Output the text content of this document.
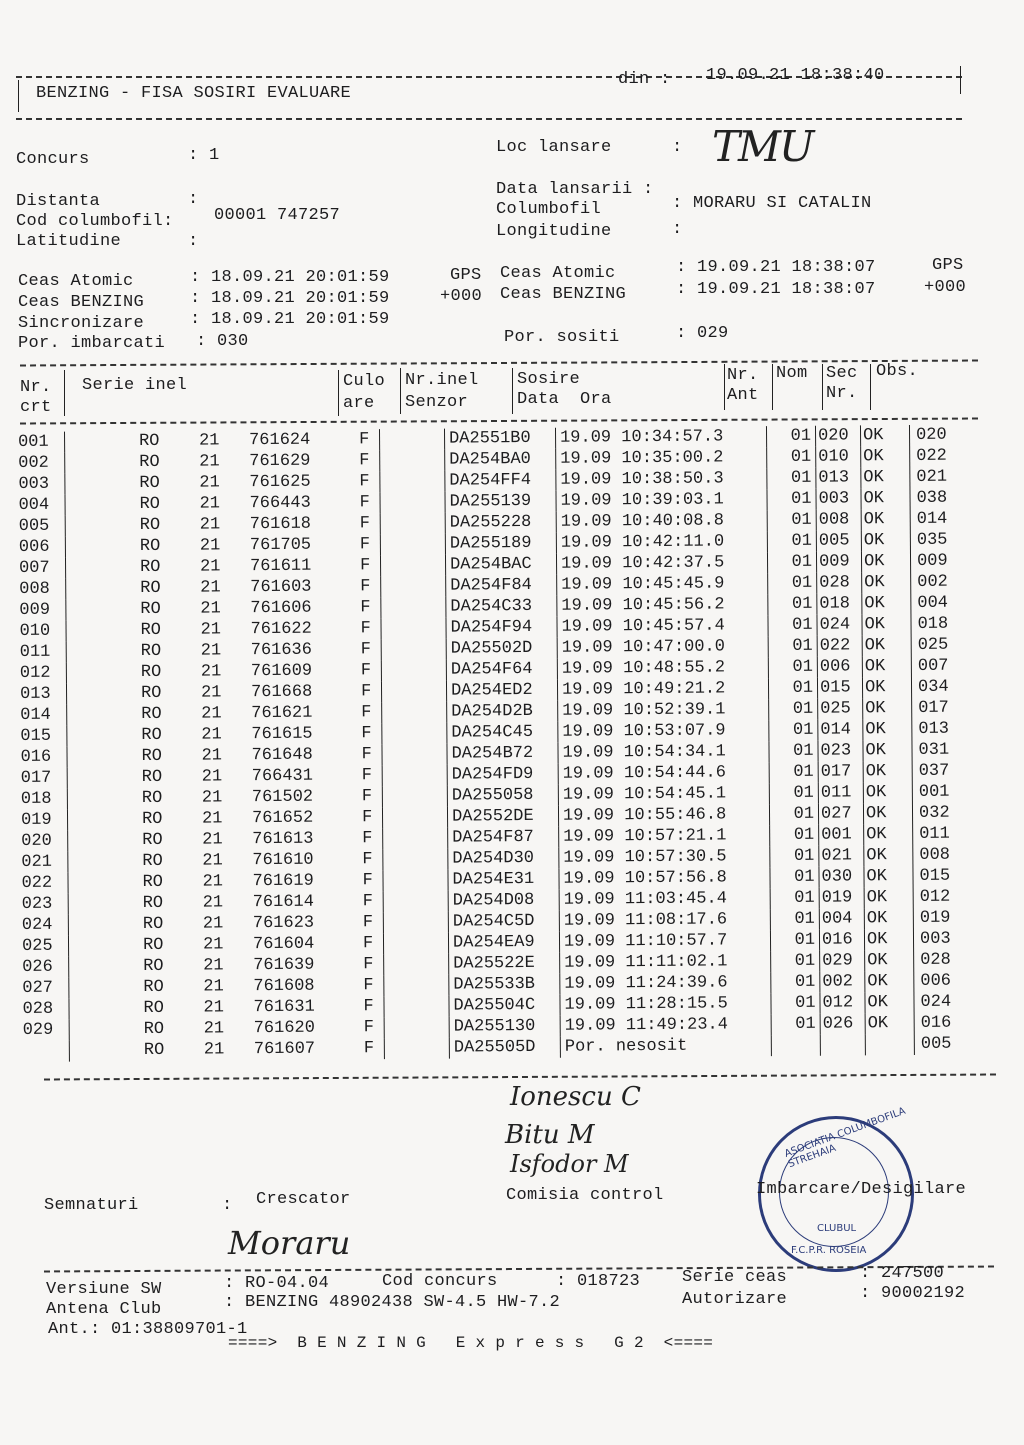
BENZING - FISA SOSIRI EVALUARE
din : 19.09.21 18:38:40
Concurs	: 1
Distanta	:
Cod columbofil: 00001 747257
Latitudine	:
Loc lansare	: TMU
Data lansarii :
Columbofil	: MORARU SI CATALIN
Longitudine	:
Ceas Atomic	: 18.09.21 20:01:59	GPS
Ceas BENZING	: 18.09.21 20:01:59	+000
Sincronizare	: 18.09.21 20:01:59
Por. imbarcati : 030
Ceas Atomic	: 19.09.21 18:38:07	GPS
Ceas BENZING	: 19.09.21 18:38:07	+000
Por. sositi	: 029
Nr.
crt
Serie inel	Culo
are
Nr.inel
Senzor
Sosire
Data  Ora
Nr.
Ant
Nom Sec
Nr.
Obs.
001	RO 21 761624 F		DA2551B0	19.09 10:34:57.3	01	020	OK	020
002	RO 21 761629 F		DA254BA0	19.09 10:35:00.2	01	010	OK	022
003	RO 21 761625 F		DA254FF4	19.09 10:38:50.3	01	013	OK	021
004	RO 21 766443 F		DA255139	19.09 10:39:03.1	01	003	OK	038
005	RO 21 761618 F		DA255228	19.09 10:40:08.8	01	008	OK	014
006	RO 21 761705 F		DA255189	19.09 10:42:11.0	01	005	OK	035
007	RO 21 761611 F		DA254BAC	19.09 10:42:37.5	01	009	OK	009
008	RO 21 761603 F		DA254F84	19.09 10:45:45.9	01	028	OK	002
009	RO 21 761606 F		DA254C33	19.09 10:45:56.2	01	018	OK	004
010	RO 21 761622 F		DA254F94	19.09 10:45:57.4	01	024	OK	018
011	RO 21 761636 F		DA25502D	19.09 10:47:00.0	01	022	OK	025
012	RO 21 761609 F		DA254F64	19.09 10:48:55.2	01	006	OK	007
013	RO 21 761668 F		DA254ED2	19.09 10:49:21.2	01	015	OK	034
014	RO 21 761621 F		DA254D2B	19.09 10:52:39.1	01	025	OK	017
015	RO 21 761615 F		DA254C45	19.09 10:53:07.9	01	014	OK	013
016	RO 21 761648 F		DA254B72	19.09 10:54:34.1	01	023	OK	031
017	RO 21 766431 F		DA254FD9	19.09 10:54:44.6	01	017	OK	037
018	RO 21 761502 F		DA255058	19.09 10:54:45.1	01	011	OK	001
019	RO 21 761652 F		DA2552DE	19.09 10:55:46.8	01	027	OK	032
020	RO 21 761613 F		DA254F87	19.09 10:57:21.1	01	001	OK	011
021	RO 21 761610 F		DA254D30	19.09 10:57:30.5	01	021	OK	008
022	RO 21 761619 F		DA254E31	19.09 10:57:56.8	01	030	OK	015
023	RO 21 761614 F		DA254D08	19.09 11:03:45.4	01	019	OK	012
024	RO 21 761623 F		DA254C5D	19.09 11:08:17.6	01	004	OK	019
025	RO 21 761604 F		DA254EA9	19.09 11:10:57.7	01	016	OK	003
026	RO 21 761639 F		DA25522E	19.09 11:11:02.1	01	029	OK	028
027	RO 21 761608 F		DA25533B	19.09 11:24:39.6	01	002	OK	006
028	RO 21 761631 F		DA25504C	19.09 11:28:15.5	01	012	OK	024
029	RO 21 761620 F		DA255130	19.09 11:49:23.4	01	026	OK	016
	RO 21 761607 F		DA25505D	Por. nesosit				005
Ionescu C
Bitu M
Isfodor M
ASOCIATIA COLUMBOFILA STREHAIA
CLUBUL
F.C.P.R. ROSEIA
Semnaturi	: Crescator	Comisia control	Imbarcare/Desigilare
Moraru
Versiune SW	: RO-04.04	Cod concurs	: 018723 Serie ceas	: 247500
Antena Club	: BENZING 48902438 SW-4.5 HW-7.2	Autorizare	: 90002192
Ant.: 01:38809701-1
====>  B E N Z I N G   E x p r e s s   G 2  <====
